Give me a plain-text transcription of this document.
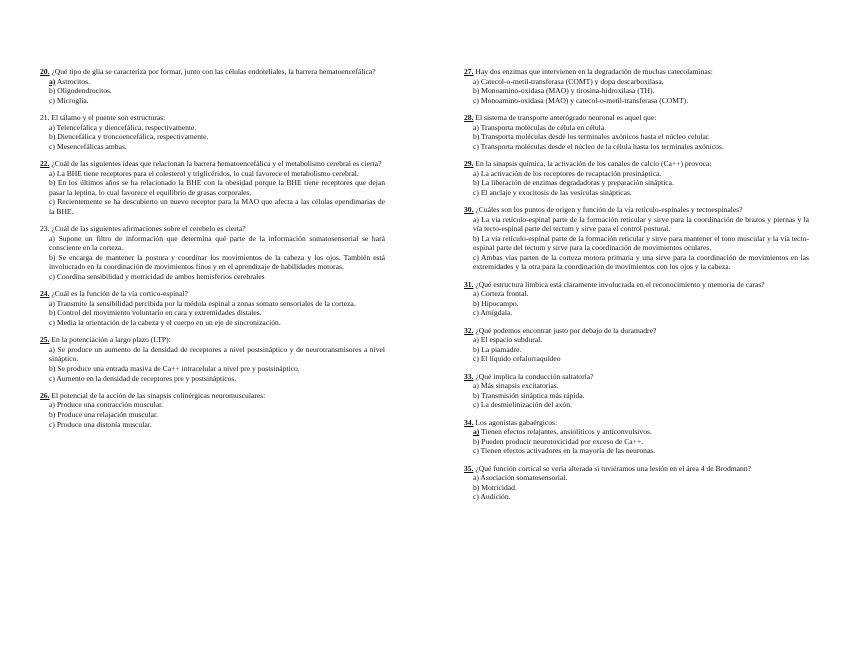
20. ¿Qué tipo de glía se caracteriza por formar, junto con las células endoteliales, la barrera hematoencefálica?

a) Astrocitos.
b) Oligodendrocitos.
c) Microglía.

21. El tálamo y el puente son estructuras:

a) Telencefálica y diencefálica, respectivamente.
b) Diencefálica y troncoencefálica, respectivamente.
c) Mesencefálicas ambas.

22. ¿Cuál de las siguientes ideas que relacionan la barrera hematoencefálica y el metabolismo cerebral es cierta?

a) La BHE tiene receptores para el colesterol y triglicéridos, lo cual favorece el metabolismo cerebral.
b) En los últimos años se ha relacionado la BHE con la obesidad porque la BHE tiene receptores que dejan pasar la leptina, lo cual favorece el equilibrio de grasas corporales.
c) Recientemente se ha descubierto un nuevo receptor para la MAO que afecta a las células ependimarias de la BHE.

23. ¿Cuál de las siguientes afirmaciones sobre el cerebelo es cierta?

a) Supone un filtro de información que determina qué parte de la información somatosensorial se hará consciente en la corteza.
b) Se encarga de mantener la postura y coordinar los movimientos de la cabeza y los ojos. También está involucrado en la coordinación de movimientos finos y en el aprendizaje de habilidades motoras.
c) Coordina sensibilidad y motricidad de ambos hemisferios cerebrales

24. ¿Cuál es la función de la vía cortico-espinal?

a) Transmite la sensibilidad percibida por la médula espinal a zonas somato sensoriales de la corteza.
b) Control del movimiento voluntario en cara y extremidades distales.
c) Media la orientación de la cabeza y el cuerpo en un eje de sincronización.

25. En la potenciación a largo plazo (LTP):

a) Se produce un aumento de la densidad de receptores a nivel postsináptico y de neurotransmisores a nivel sináptico.
b) Se produce una entrada masiva de Ca++ intracelular a nivel pre y postsináptico.
c) Aumento en la densidad de receptores pre y postsinápticos.

26. El potencial de la acción de las sinapsis colinérgicas neuromusculares:

a) Produce una contracción muscular.
b) Produce una relajación muscular.
c) Produce una distonía muscular.

27. Hay dos enzimas que intervienen en la degradación de muchas catecolaminas:

a) Catecol-o-metil-transferasa (COMT) y dopa descarboxilasa.
b) Monoamino-oxidasa (MAO) y tirosina-hidroxilasa (TH).
c) Monoamino-oxidasa (MAO) y catecol-o-metil-transferasa (COMT).

28. El sistema de transporte anterógrado neuronal es aquel que:

a) Transporta moléculas de célula en célula.
b) Transporta moléculas desde los terminales axónicos hasta el núcleo celular.
c) Transporta moléculas desde el núcleo de la célula hasta los terminales axónicos.

29. En la sinapsis química, la activación de los canales de calcio (Ca++) provoca:

a) La activación de los receptores de recaptación presináptica.
b) La liberación de enzimas degradadoras y preparación sináptica.
c) El anclaje y exocitosis de las vesículas sinápticas.

30. ¿Cuáles son los puntos de origen y función de la vía retículo-espinales y tectoespinales?

a) La vía retículo-espinal parte de la formación reticular y sirve para la coordinación de brazos y piernas y la vía tecto-espinal parte del tectum y sirve para el control postural.
b) La vía retículo-espinal parte de la formación reticular y sirve para mantener el tono muscular y la vía tecto-espinal parte del tectum y sirve para la coordinación de movimientos oculares.
c) Ambas vías parten de la corteza motora primaria y una sirve para la coordinación de movimientos en las extremidades y la otra para la coordinación de movimientos con los ojos y la cabeza.

31. ¿Qué estructura límbica está claramente involucrada en el reconocimiento y memoria de caras?

a) Corteza frontal.
b) Hipocampo.
c) Amígdala.

32. ¿Qué podemos encontrar justo por debajo de la duramadre?

a) El espacio subdural.
b) La piamadre.
c) El líquido cefalorraquídeo

33. ¿Qué implica la conducción saltatoria?

a) Más sinapsis excitatorias.
b) Transmisión sináptica más rápida.
c) La desmielinización del axón.

34. Los agonistas gabaérgicos:

a) Tienen efectos relajantes, ansiolíticos y anticonvulsivos.
b) Pueden producir neurotoxicidad por exceso de Ca++.
c) Tienen efectos activadores en la mayoría de las neuronas.

35. ¿Qué función cortical se vería alterada si tuviéramos una lesión en el área 4 de Brodmann?

a) Asociación somatosensorial.
b) Motricidad.
c) Audición.
